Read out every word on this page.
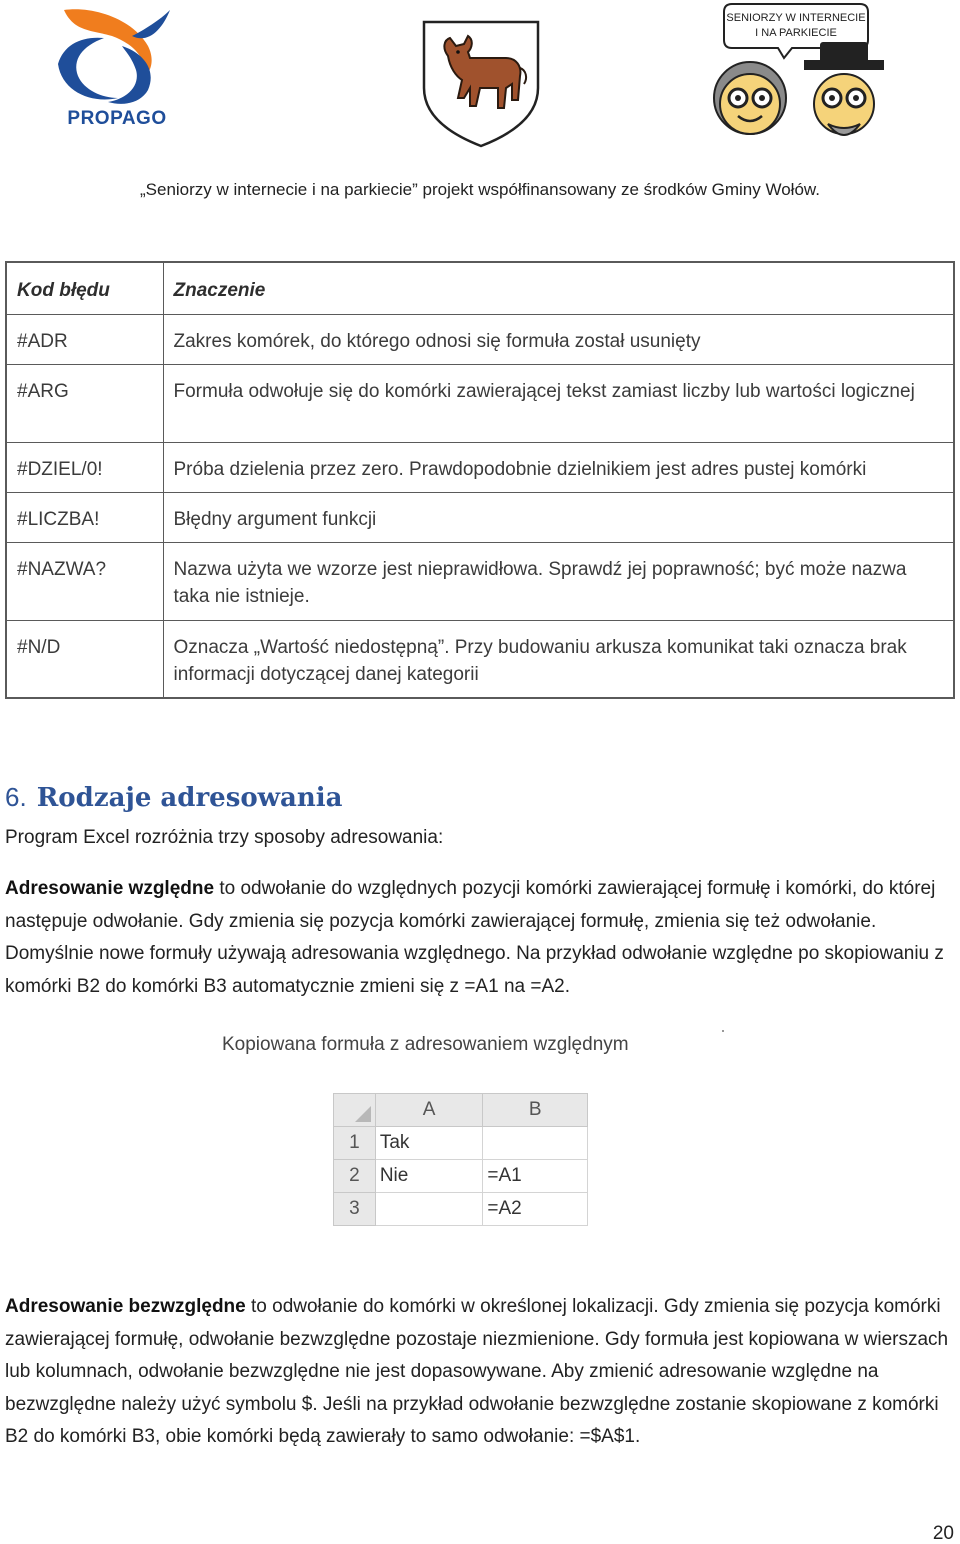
PROPAGO
SENIORZY W INTERNECIE
I NA PARKIECIE
„Seniorzy w internecie i na parkiecie” projekt współfinansowany ze środków Gminy Wołów.
Kod błędu	Znaczenie
#ADR	Zakres komórek, do którego odnosi się formuła został usunięty
#ARG	Formuła odwołuje się do komórki zawierającej tekst zamiast liczby lub wartości logicznej
#DZIEL/0!	Próba dzielenia przez zero. Prawdopodobnie dzielnikiem jest adres pustej komórki
#LICZBA!	Błędny argument funkcji
#NAZWA?	Nazwa użyta we wzorze jest nieprawidłowa. Sprawdź jej poprawność; być może nazwa taka nie istnieje.
#N/D	Oznacza „Wartość niedostępną”. Przy budowaniu arkusza komunikat taki oznacza brak informacji dotyczącej danej kategorii
6. Rodzaje adresowania
Program Excel rozróżnia trzy sposoby adresowania:
Adresowanie względne to odwołanie do względnych pozycji komórki zawierającej formułę i komórki, do której następuje odwołanie. Gdy zmienia się pozycja komórki zawierającej formułę, zmienia się też odwołanie. Domyślnie nowe formuły używają adresowania względnego. Na przykład odwołanie względne po skopiowaniu z komórki B2 do komórki B3 automatycznie zmieni się z =A1 na =A2.
Kopiowana formuła z adresowaniem względnym
	A	B
1	Tak	
2	Nie	=A1
3		=A2
Adresowanie bezwzględne to odwołanie do komórki w określonej lokalizacji. Gdy zmienia się pozycja komórki zawierającej formułę, odwołanie bezwzględne pozostaje niezmienione. Gdy formuła jest kopiowana w wierszach lub kolumnach, odwołanie bezwzględne nie jest dopasowywane. Aby zmienić adresowanie względne na bezwzględne należy użyć symbolu $. Jeśli na przykład odwołanie bezwzględne zostanie skopiowane z komórki B2 do komórki B3, obie komórki będą zawierały to samo odwołanie: =$A$1.
20
